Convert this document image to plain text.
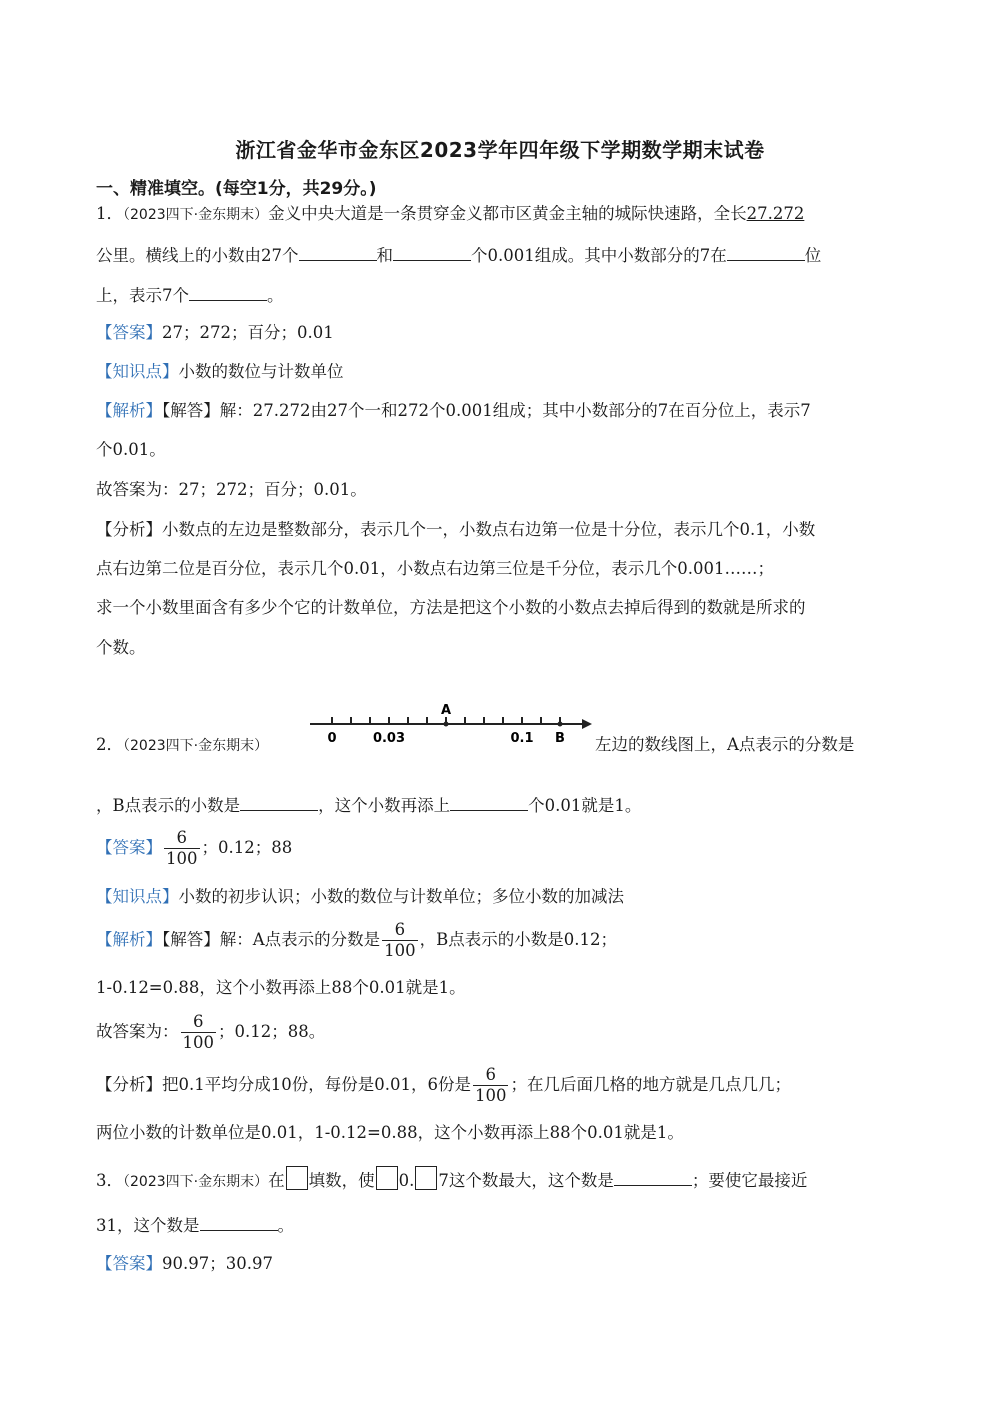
浙江省金华市金东区2023学年四年级下学期数学期末试卷
一、精准填空。(每空1分，共29分。)
1．（2023四下·金东期末）金义中央大道是一条贯穿金义都市区黄金主轴的城际快速路，全长27.272
公里。横线上的小数由27个	和	个0.001组成。其中小数部分的7在	位
上，表示7个	。
【答案】27；272；百分；0.01
【知识点】小数的数位与计数单位
【解析】【解答】解：27.272由27个一和272个0.001组成；其中小数部分的7在百分位上，表示7
个0.01。
故答案为：27；272；百分；0.01。
【分析】小数点的左边是整数部分，表示几个一，小数点右边第一位是十分位，表示几个0.1，小数
点右边第二位是百分位，表示几个0.01，小数点右边第三位是千分位，表示几个0.001……；
求一个小数里面含有多少个它的计数单位，方法是把这个小数的小数点去掉后得到的数就是所求的
个数。
2．（2023四下·金东期末）
A
0	0.03	0.1 B 左边的数线图上，A点表示的分数是
，B点表示的小数是	，这个小数再添上	个0.01就是1。
【答案】 $\frac{6}{100}$ ；0.12；88
【知识点】小数的初步认识；小数的数位与计数单位；多位小数的加减法
【解析】【解答】解：A点表示的分数是 $\frac{6}{100}$ ，B点表示的小数是0.12；
1-0.12=0.88，这个小数再添上88个0.01就是1。
故答案为： $\frac{6}{100}$ ；0.12；88。
【分析】把0.1平均分成10份，每份是0.01，6份是 $\frac{6}{100}$ ；在几后面几格的地方就是几点几几；
两位小数的计数单位是0.01，1-0.12=0.88，这个小数再添上88个0.01就是1。
3．（2023四下·金东期末）在 填数，使 0. 7这个数最大，这个数是	；要使它最接近
31，这个数是	。
【答案】90.97；30.97
